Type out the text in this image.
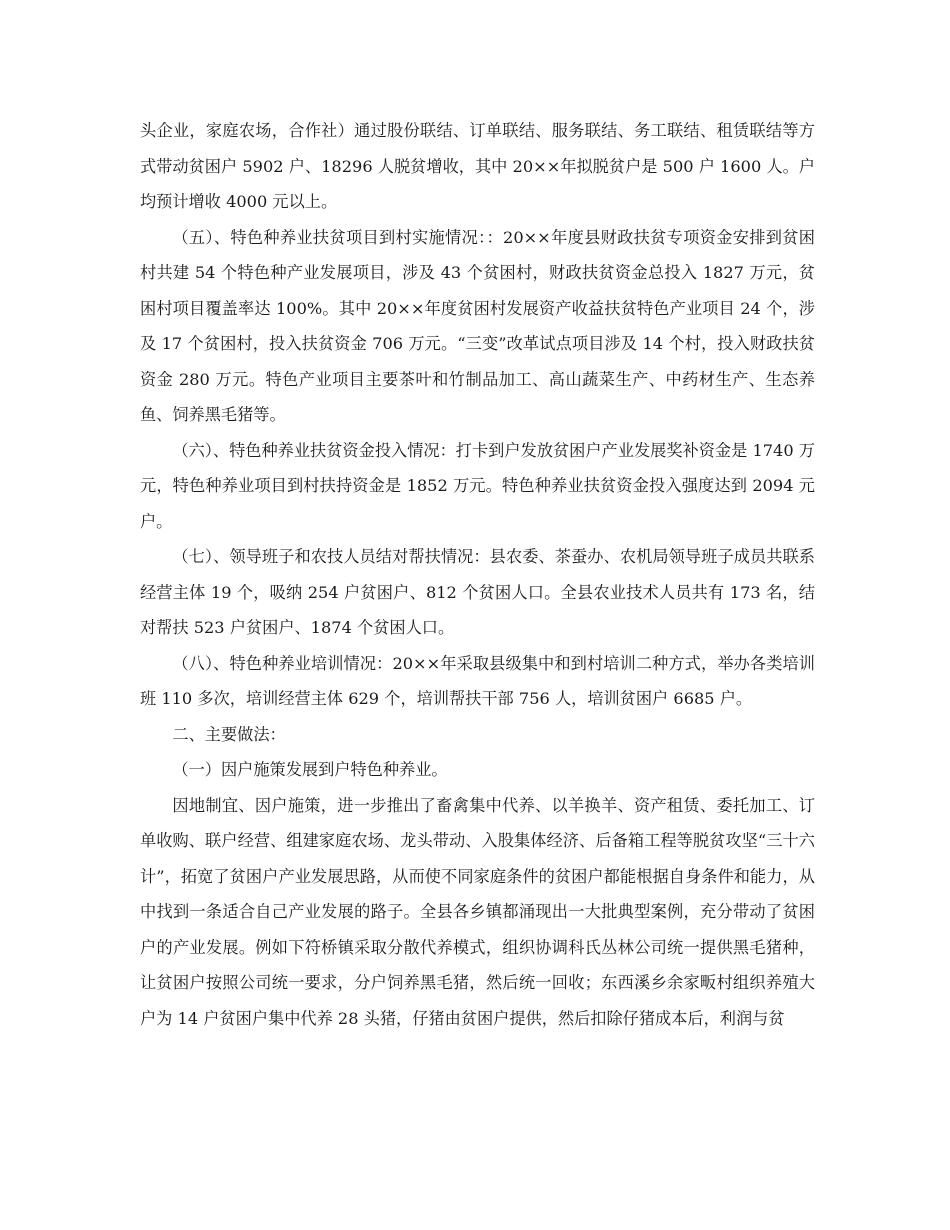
头企业，家庭农场，合作社）通过股份联结、订单联结、服务联结、务工联结、租赁联结等方式带动贫困户 5902 户、18296 人脱贫增收，其中 20××年拟脱贫户是 500 户 1600 人。户均预计增收 4000 元以上。

（五）、特色种养业扶贫项目到村实施情况：：20××年度县财政扶贫专项资金安排到贫困村共建 54 个特色种产业发展项目，涉及 43 个贫困村，财政扶贫资金总投入 1827 万元，贫困村项目覆盖率达 100%。其中 20××年度贫困村发展资产收益扶贫特色产业项目 24 个，涉及 17 个贫困村，投入扶贫资金 706 万元。“三变”改革试点项目涉及 14 个村，投入财政扶贫资金 280 万元。特色产业项目主要茶叶和竹制品加工、高山蔬菜生产、中药材生产、生态养鱼、饲养黑毛猪等。

（六）、特色种养业扶贫资金投入情况：打卡到户发放贫困户产业发展奖补资金是 1740 万元，特色种养业项目到村扶持资金是 1852 万元。特色种养业扶贫资金投入强度达到 2094 元户。

（七）、领导班子和农技人员结对帮扶情况：县农委、茶蚕办、农机局领导班子成员共联系经营主体 19 个，吸纳 254 户贫困户、812 个贫困人口。全县农业技术人员共有 173 名，结对帮扶 523 户贫困户、1874 个贫困人口。

（八）、特色种养业培训情况：20××年采取县级集中和到村培训二种方式，举办各类培训班 110 多次，培训经营主体 629 个，培训帮扶干部 756 人，培训贫困户 6685 户。

二、主要做法：

（一）因户施策发展到户特色种养业。

因地制宜、因户施策，进一步推出了畜禽集中代养、以羊换羊、资产租赁、委托加工、订单收购、联户经营、组建家庭农场、龙头带动、入股集体经济、后备箱工程等脱贫攻坚“三十六计”，拓宽了贫困户产业发展思路，从而使不同家庭条件的贫困户都能根据自身条件和能力，从中找到一条适合自己产业发展的路子。全县各乡镇都涌现出一大批典型案例，充分带动了贫困户的产业发展。例如下符桥镇采取分散代养模式，组织协调科氏丛林公司统一提供黑毛猪种，让贫困户按照公司统一要求，分户饲养黑毛猪，然后统一回收；东西溪乡余家畈村组织养殖大户为 14 户贫困户集中代养 28 头猪，仔猪由贫困户提供，然后扣除仔猪成本后，利润与贫
